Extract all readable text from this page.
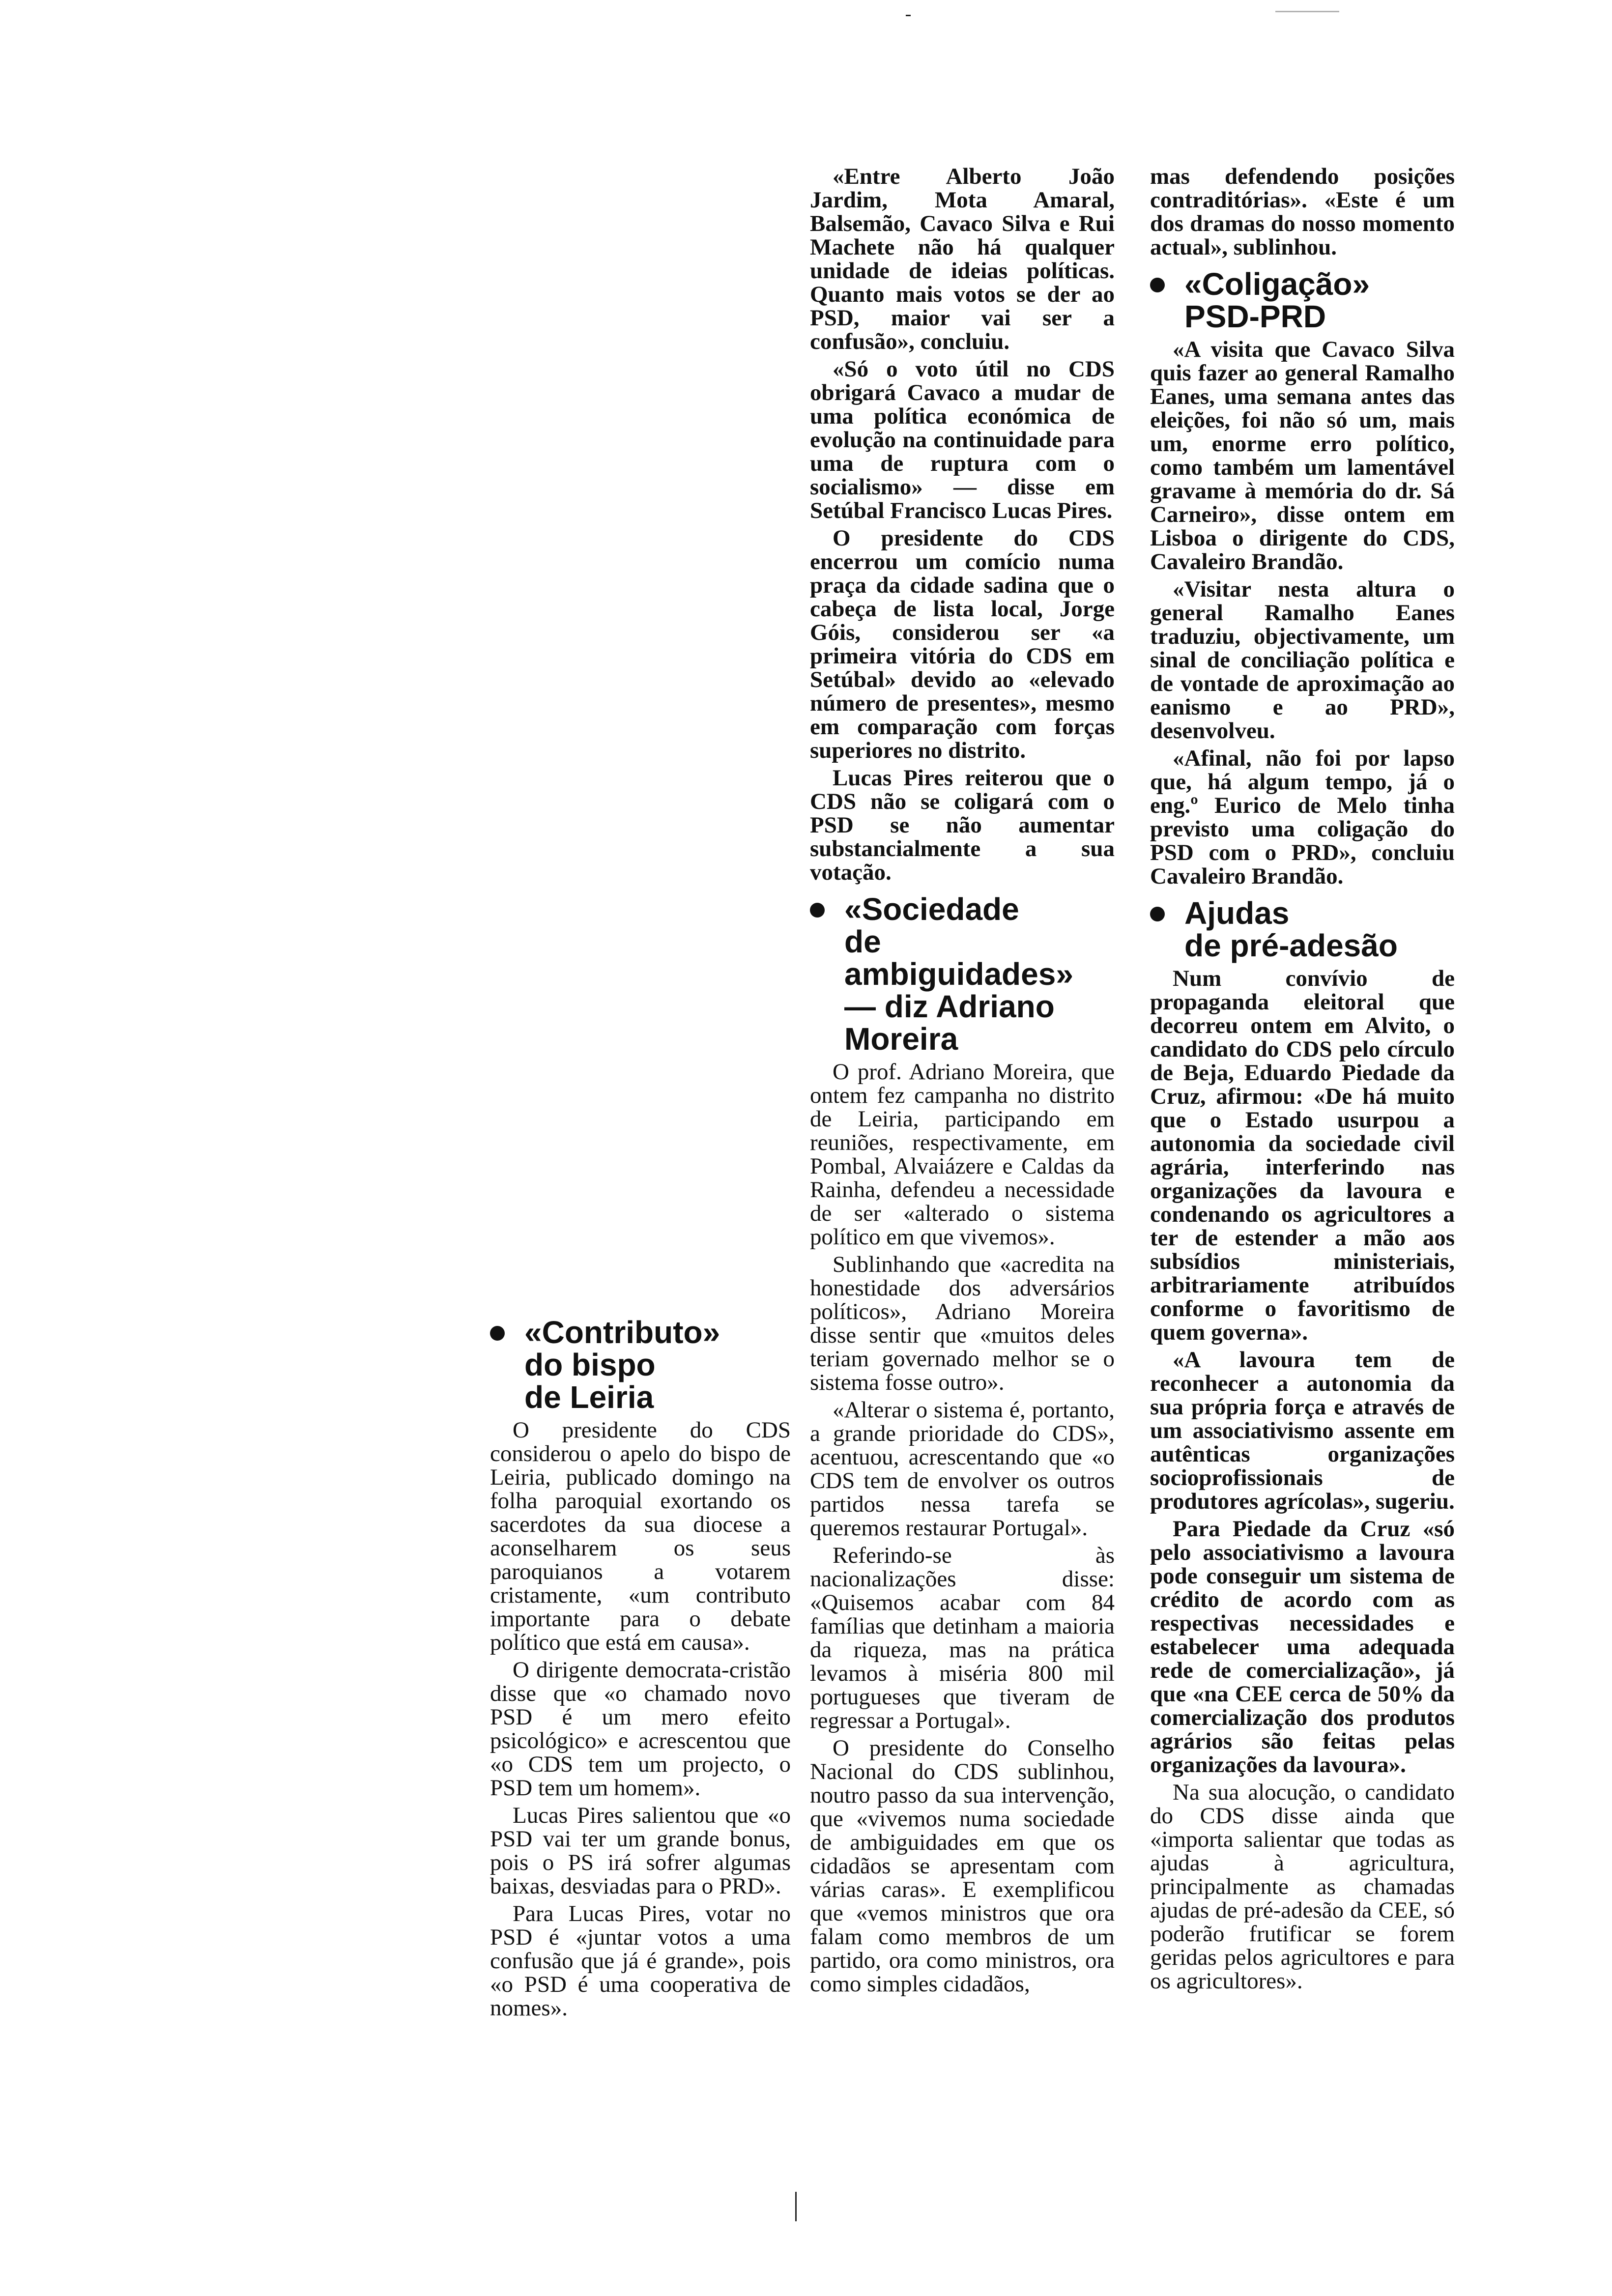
«Contributo»
do bispo
de Leiria

O presidente do CDS considerou o apelo do bispo de Leiria, publicado domingo na folha paroquial exortando os sacerdotes da sua diocese a aconselharem os seus paroquianos a votarem cristamente, «um contributo importante para o debate político que está em causa».

O dirigente democrata-cristão disse que «o chamado novo PSD é um mero efeito psicológico» e acrescentou que «o CDS tem um projecto, o PSD tem um homem».

Lucas Pires salientou que «o PSD vai ter um grande bonus, pois o PS irá sofrer algumas baixas, desviadas para o PRD».

Para Lucas Pires, votar no PSD é «juntar votos a uma confusão que já é grande», pois «o PSD é uma cooperativa de nomes».

«Entre Alberto João Jardim, Mota Amaral, Balsemão, Cavaco Silva e Rui Machete não há qualquer unidade de ideias políticas. Quanto mais votos se der ao PSD, maior vai ser a confusão», concluiu.

«Só o voto útil no CDS obrigará Cavaco a mudar de uma política económica de evolução na continuidade para uma de ruptura com o socialismo» — disse em Setúbal Francisco Lucas Pires.

O presidente do CDS encerrou um comício numa praça da cidade sadina que o cabeça de lista local, Jorge Góis, considerou ser «a primeira vitória do CDS em Setúbal» devido ao «elevado número de presentes», mesmo em comparação com forças superiores no distrito.

Lucas Pires reiterou que o CDS não se coligará com o PSD se não aumentar substancialmente a sua votação.

«Sociedade
de
ambiguidades»
— diz Adriano
Moreira

O prof. Adriano Moreira, que ontem fez campanha no distrito de Leiria, participando em reuniões, respectivamente, em Pombal, Alvaiázere e Caldas da Rainha, defendeu a necessidade de ser «alterado o sistema político em que vivemos».

Sublinhando que «acredita na honestidade dos adversários políticos», Adriano Moreira disse sentir que «muitos deles teriam governado melhor se o sistema fosse outro».

«Alterar o sistema é, portanto, a grande prioridade do CDS», acentuou, acrescentando que «o CDS tem de envolver os outros partidos nessa tarefa se queremos restaurar Portugal».

Referindo-se às nacionalizações disse: «Quisemos acabar com 84 famílias que detinham a maioria da riqueza, mas na prática levamos à miséria 800 mil portugueses que tiveram de regressar a Portugal».

O presidente do Conselho Nacional do CDS sublinhou, noutro passo da sua intervenção, que «vivemos numa sociedade de ambiguidades em que os cidadãos se apresentam com várias caras». E exemplificou que «vemos ministros que ora falam como membros de um partido, ora como ministros, ora como simples cidadãos,

mas defendendo posições contraditórias». «Este é um dos dramas do nosso momento actual», sublinhou.

«Coligação»
PSD-PRD

«A visita que Cavaco Silva quis fazer ao general Ramalho Eanes, uma semana antes das eleições, foi não só um, mais um, enorme erro político, como também um lamentável gravame à memória do dr. Sá Carneiro», disse ontem em Lisboa o dirigente do CDS, Cavaleiro Brandão.

«Visitar nesta altura o general Ramalho Eanes traduziu, objectivamente, um sinal de conciliação política e de vontade de aproximação ao eanismo e ao PRD», desenvolveu.

«Afinal, não foi por lapso que, há algum tempo, já o eng.º Eurico de Melo tinha previsto uma coligação do PSD com o PRD», concluiu Cavaleiro Brandão.

Ajudas
de pré-adesão

Num convívio de propaganda eleitoral que decorreu ontem em Alvito, o candidato do CDS pelo círculo de Beja, Eduardo Piedade da Cruz, afirmou: «De há muito que o Estado usurpou a autonomia da sociedade civil agrária, interferindo nas organizações da lavoura e condenando os agricultores a ter de estender a mão aos subsídios ministeriais, arbitrariamente atribuídos conforme o favoritismo de quem governa».

«A lavoura tem de reconhecer a autonomia da sua própria força e através de um associativismo assente em autênticas organizações socioprofissionais de produtores agrícolas», sugeriu.

Para Piedade da Cruz «só pelo associativismo a lavoura pode conseguir um sistema de crédito de acordo com as respectivas necessidades e estabelecer uma adequada rede de comercialização», já que «na CEE cerca de 50% da comercialização dos produtos agrários são feitas pelas organizações da lavoura».

Na sua alocução, o candidato do CDS disse ainda que «importa salientar que todas as ajudas à agricultura, principalmente as chamadas ajudas de pré-adesão da CEE, só poderão frutificar se forem geridas pelos agricultores e para os agricultores».
